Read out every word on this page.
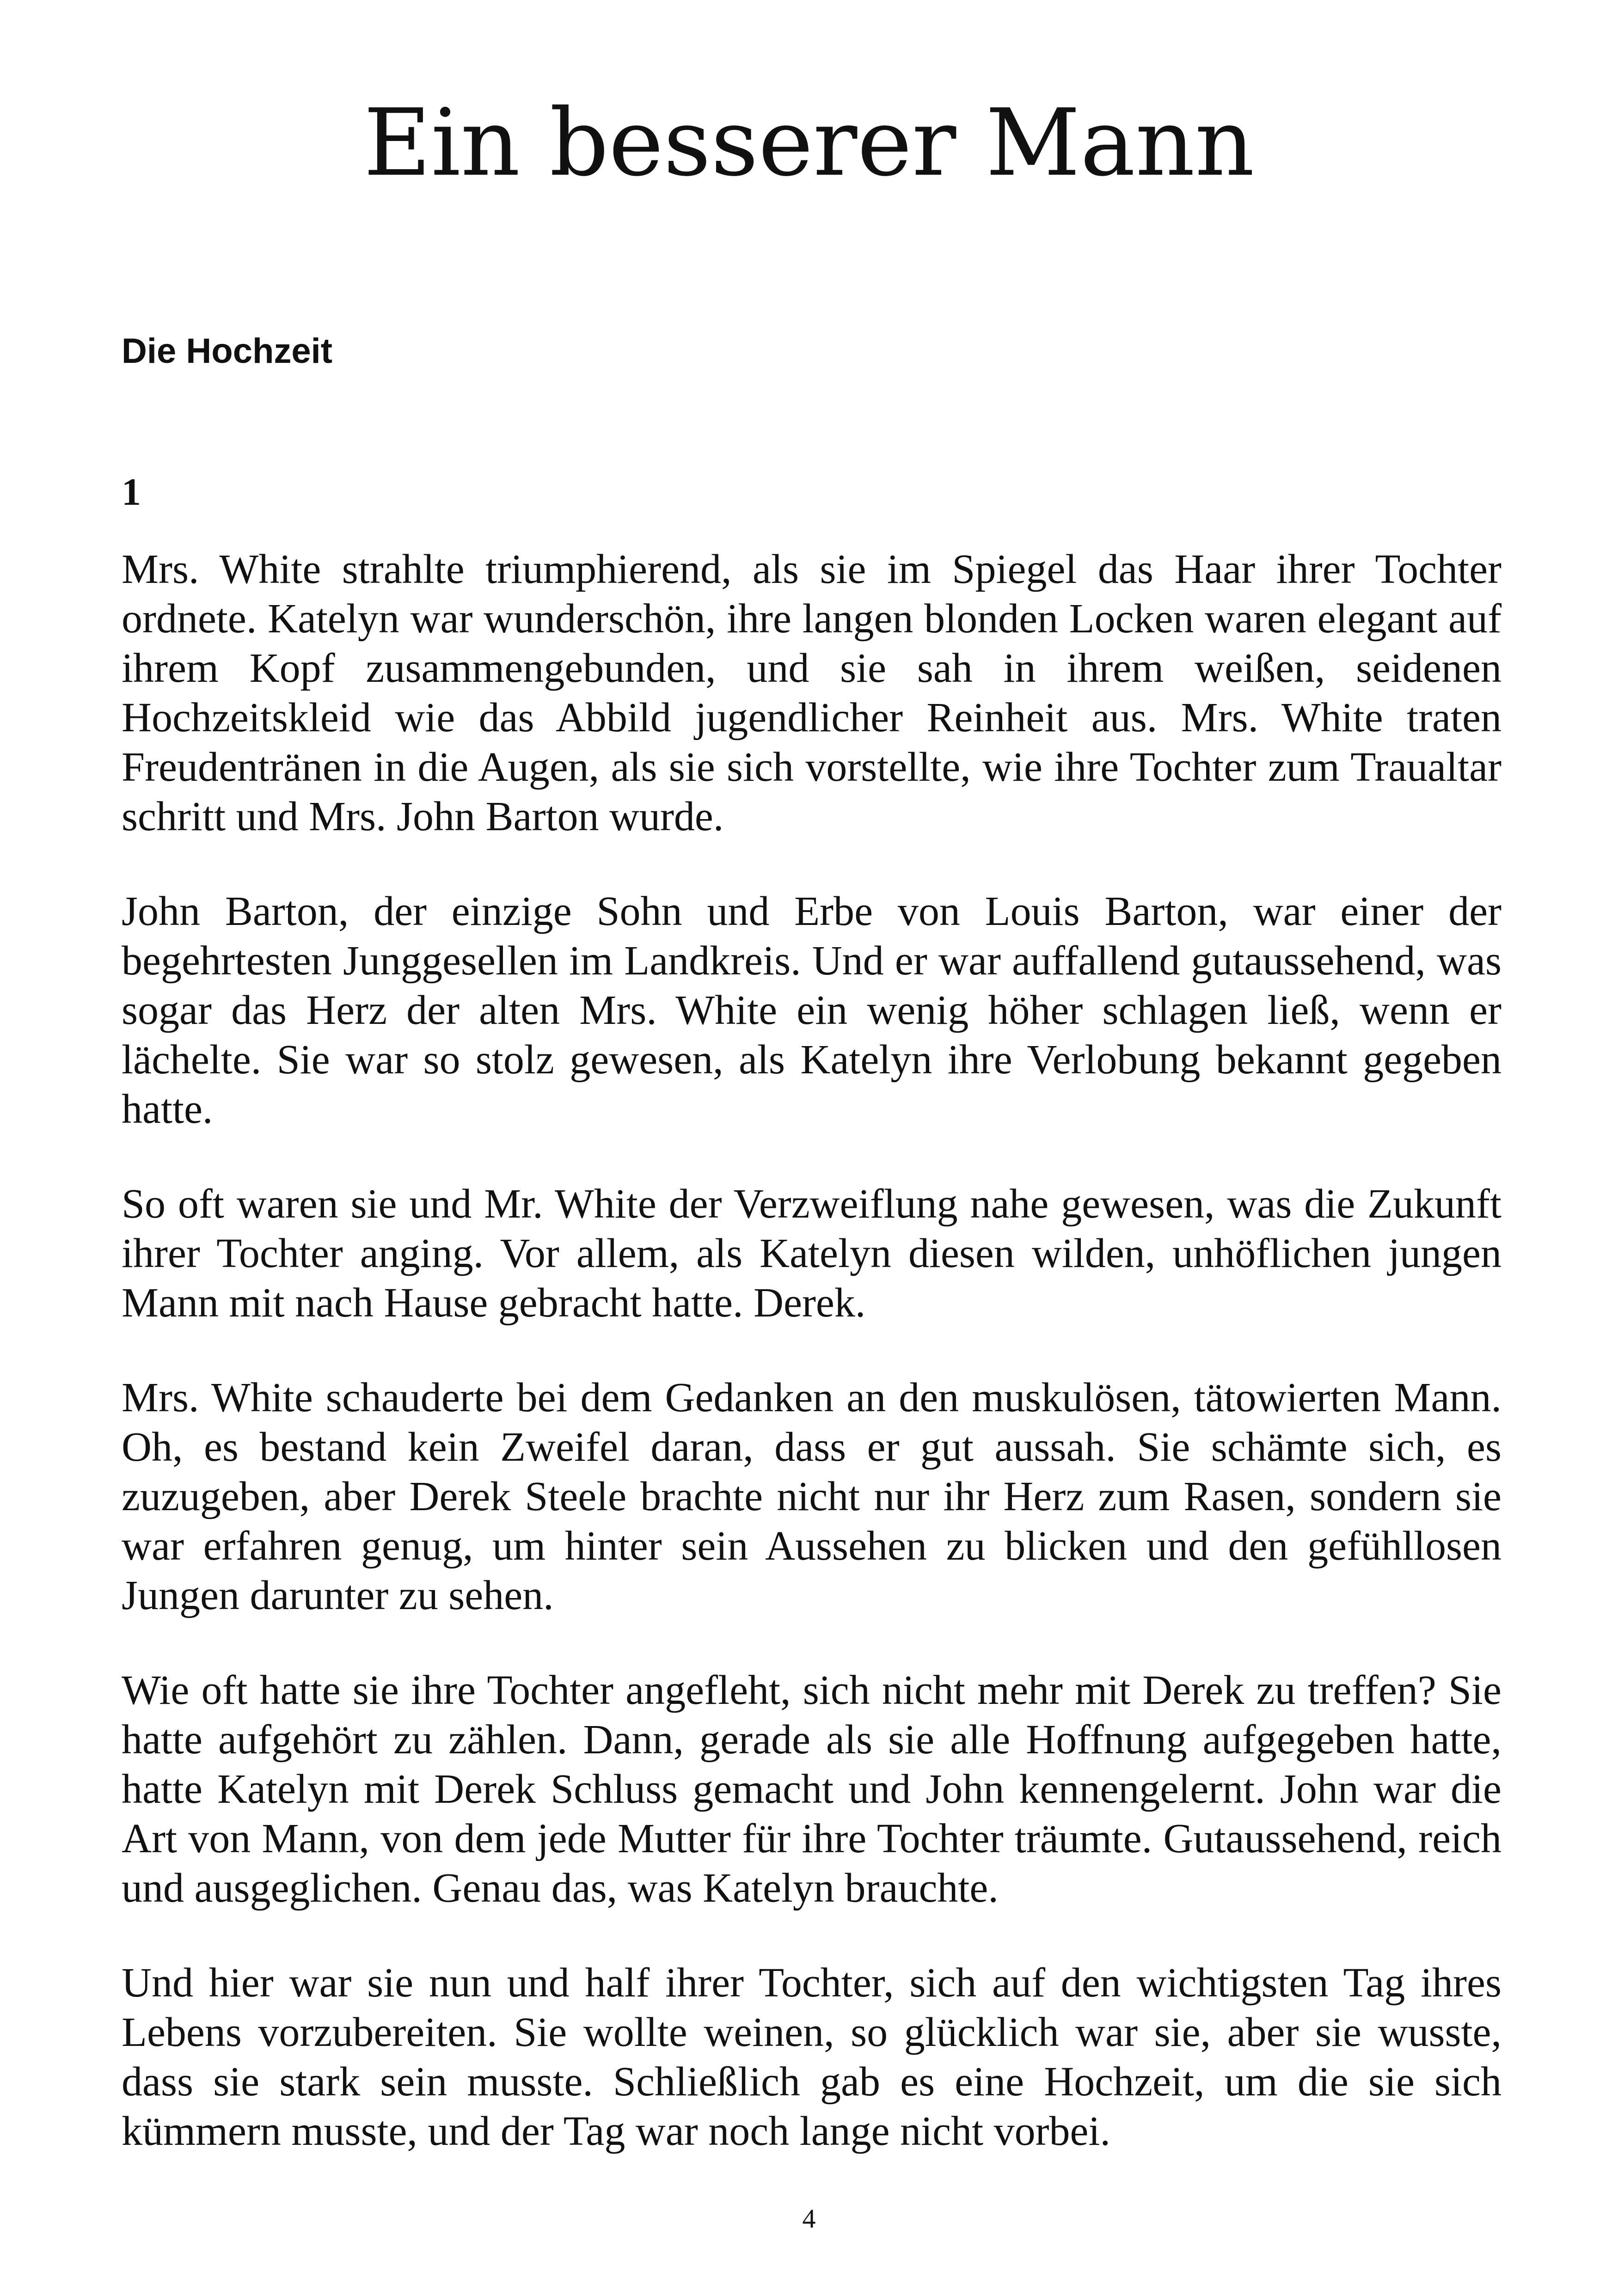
Ein besserer Mann
Die Hochzeit
1

Mrs. White strahlte triumphierend, als sie im Spiegel das Haar ihrer Tochter ordnete. Katelyn war wunderschön, ihre langen blonden Locken waren elegant auf ihrem Kopf zusammengebunden, und sie sah in ihrem weißen, seidenen Hochzeitskleid wie das Abbild jugendlicher Reinheit aus. Mrs. White traten Freudentränen in die Augen, als sie sich vorstellte, wie ihre Tochter zum Traualtar schritt und Mrs. John Barton wurde.

John Barton, der einzige Sohn und Erbe von Louis Barton, war einer der begehrtesten Junggesellen im Landkreis. Und er war auffallend gutaussehend, was sogar das Herz der alten Mrs. White ein wenig höher schlagen ließ, wenn er lächelte. Sie war so stolz gewesen, als Katelyn ihre Verlobung bekannt gegeben hatte.

So oft waren sie und Mr. White der Verzweiflung nahe gewesen, was die Zukunft ihrer Tochter anging. Vor allem, als Katelyn diesen wilden, unhöflichen jungen Mann mit nach Hause gebracht hatte. Derek.

Mrs. White schauderte bei dem Gedanken an den muskulösen, tätowierten Mann. Oh, es bestand kein Zweifel daran, dass er gut aussah. Sie schämte sich, es zuzugeben, aber Derek Steele brachte nicht nur ihr Herz zum Rasen, sondern sie war erfahren genug, um hinter sein Aussehen zu blicken und den gefühllosen Jungen darunter zu sehen.

Wie oft hatte sie ihre Tochter angefleht, sich nicht mehr mit Derek zu treffen? Sie hatte aufgehört zu zählen. Dann, gerade als sie alle Hoffnung aufgegeben hatte, hatte Katelyn mit Derek Schluss gemacht und John kennengelernt. John war die Art von Mann, von dem jede Mutter für ihre Tochter träumte. Gutaussehend, reich und ausgeglichen. Genau das, was Katelyn brauchte.

Und hier war sie nun und half ihrer Tochter, sich auf den wichtigsten Tag ihres Lebens vorzubereiten. Sie wollte weinen, so glücklich war sie, aber sie wusste, dass sie stark sein musste. Schließlich gab es eine Hochzeit, um die sie sich kümmern musste, und der Tag war noch lange nicht vorbei.

4
